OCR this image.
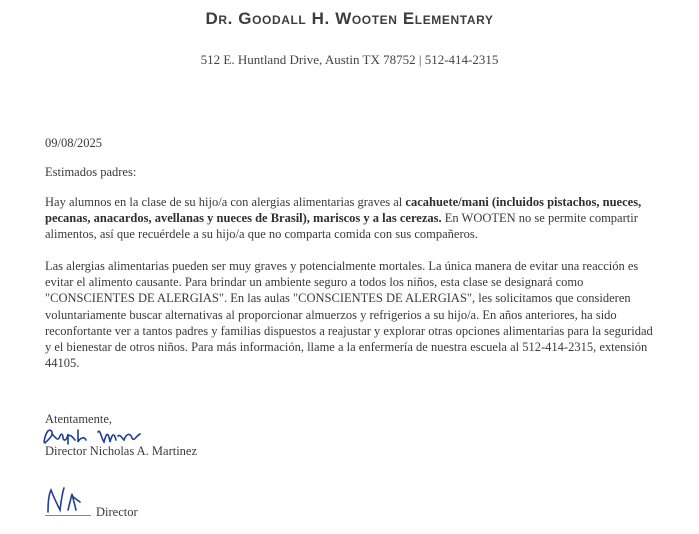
Dr. Goodall H. Wooten Elementary
512 E. Huntland Drive, Austin TX 78752 | 512-414-2315
09/08/2025
Estimados padres:
Hay alumnos en la clase de su hijo/a con alergias alimentarias graves al cacahuete/mani (incluidos pistachos, nueces, pecanas, anacardos, avellanas y nueces de Brasil), mariscos y a las cerezas. En WOOTEN no se permite compartir alimentos, así que recuérdele a su hijo/a que no comparta comida con sus compañeros.
Las alergias alimentarias pueden ser muy graves y potencialmente mortales. La única manera de evitar una reacción es evitar el alimento causante. Para brindar un ambiente seguro a todos los niños, esta clase se designará como "CONSCIENTES DE ALERGIAS". En las aulas "CONSCIENTES DE ALERGIAS", les solicitamos que consideren voluntariamente buscar alternativas al proporcionar almuerzos y refrigerios a su hijo/a. En años anteriores, ha sido reconfortante ver a tantos padres y familias dispuestos a reajustar y explorar otras opciones alimentarias para la seguridad y el bienestar de otros niños. Para más información, llame a la enfermería de nuestra escuela al 512-414-2315, extensión 44105.
Atentamente,
Director Nicholas A. Martinez
Director
